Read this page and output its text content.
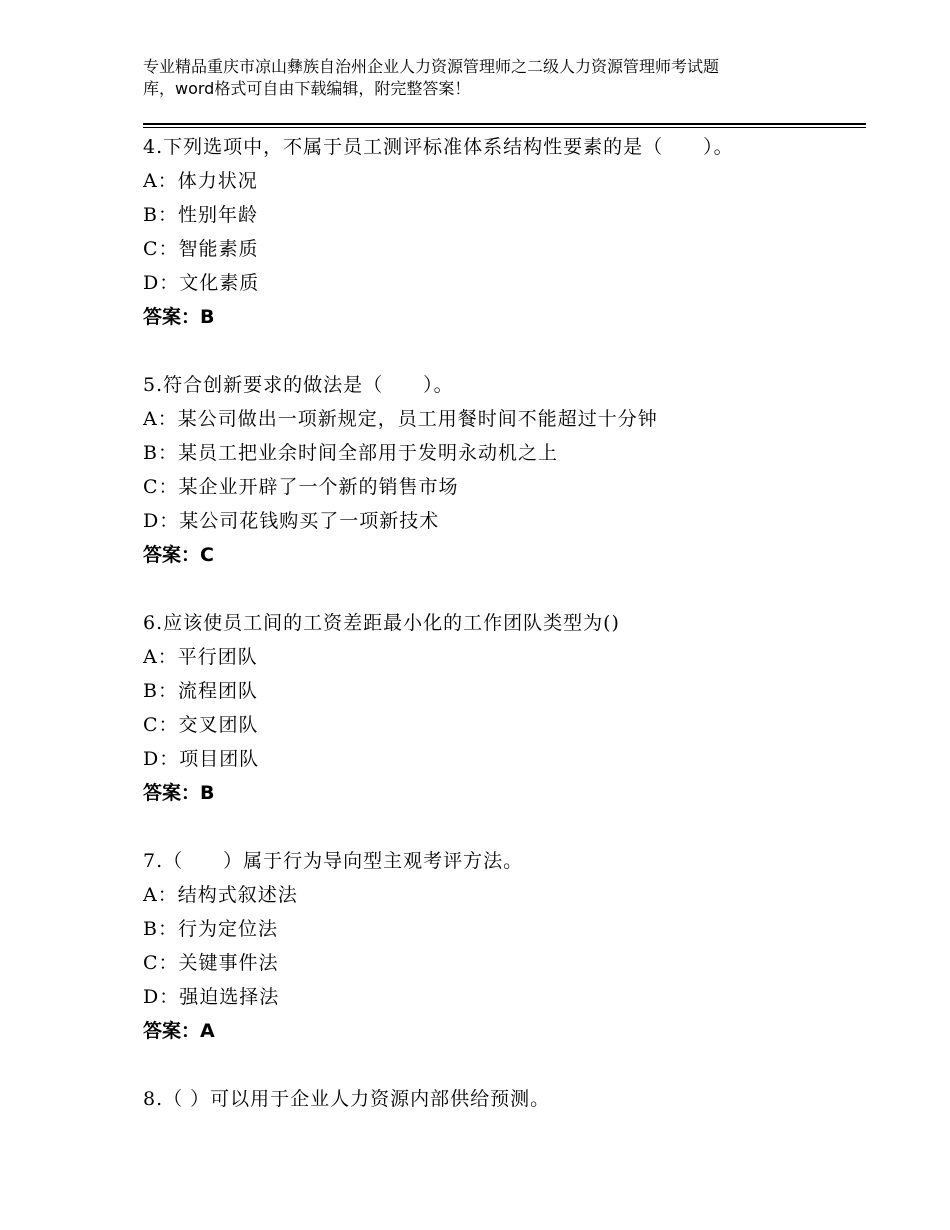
专业精品重庆市凉山彝族自治州企业人力资源管理师之二级人力资源管理师考试题
库，word格式可自由下载编辑，附完整答案！
4.下列选项中，不属于员工测评标准体系结构性要素的是（　　）。
A：体力状况
B：性别年龄
C：智能素质
D：文化素质
答案：B
5.符合创新要求的做法是（　　）。
A：某公司做出一项新规定，员工用餐时间不能超过十分钟
B：某员工把业余时间全部用于发明永动机之上
C：某企业开辟了一个新的销售市场
D：某公司花钱购买了一项新技术
答案：C
6.应该使员工间的工资差距最小化的工作团队类型为()
A：平行团队
B：流程团队
C：交叉团队
D：项目团队
答案：B
7.（　　）属于行为导向型主观考评方法。
A：结构式叙述法
B：行为定位法
C：关键事件法
D：强迫选择法
答案：A
8.（ ）可以用于企业人力资源内部供给预测。
